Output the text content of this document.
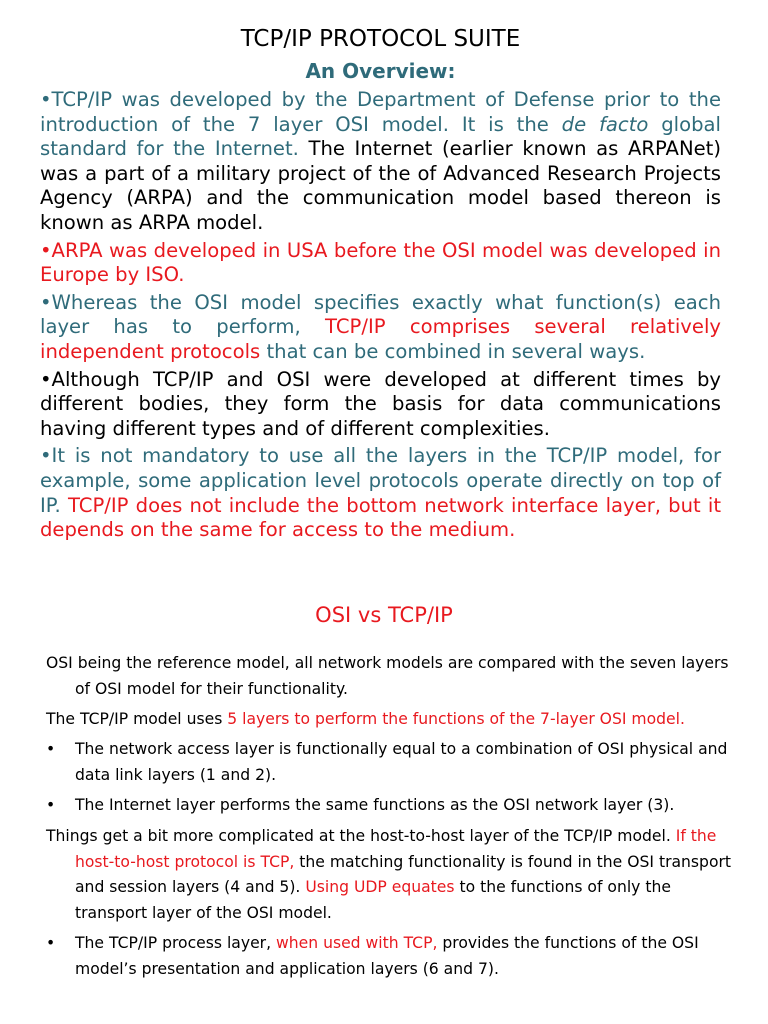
TCP/IP PROTOCOL SUITE
An Overview:

•TCP/IP was developed by the Department of Defense prior to the introduction of the 7 layer OSI model. It is the de facto global standard for the Internet. The Internet (earlier known as ARPANet) was a part of a military project of the of Advanced Research Projects Agency (ARPA) and the communication model based thereon is known as ARPA model.

•ARPA was developed in USA before the OSI model was developed in Europe by ISO.

•Whereas the OSI model specifies exactly what function(s) each layer has to perform, TCP/IP comprises several relatively independent protocols that can be combined in several ways.

•Although TCP/IP and OSI were developed at different times by different bodies, they form the basis for data communications having different types and of different complexities.

•It is not mandatory to use all the layers in the TCP/IP model, for example, some application level protocols operate directly on top of IP. TCP/IP does not include the bottom network interface layer, but it depends on the same for access to the medium.

OSI vs TCP/IP

OSI being the reference model, all network models are compared with the seven layers of OSI model for their functionality.

The TCP/IP model uses 5 layers to perform the functions of the 7-layer OSI model.

• The network access layer is functionally equal to a combination of OSI physical and data link layers (1 and 2).

• The Internet layer performs the same functions as the OSI network layer (3).

Things get a bit more complicated at the host-to-host layer of the TCP/IP model. If the host-to-host protocol is TCP, the matching functionality is found in the OSI transport and session layers (4 and 5). Using UDP equates to the functions of only the transport layer of the OSI model.

• The TCP/IP process layer, when used with TCP, provides the functions of the OSI model’s presentation and application layers (6 and 7).
